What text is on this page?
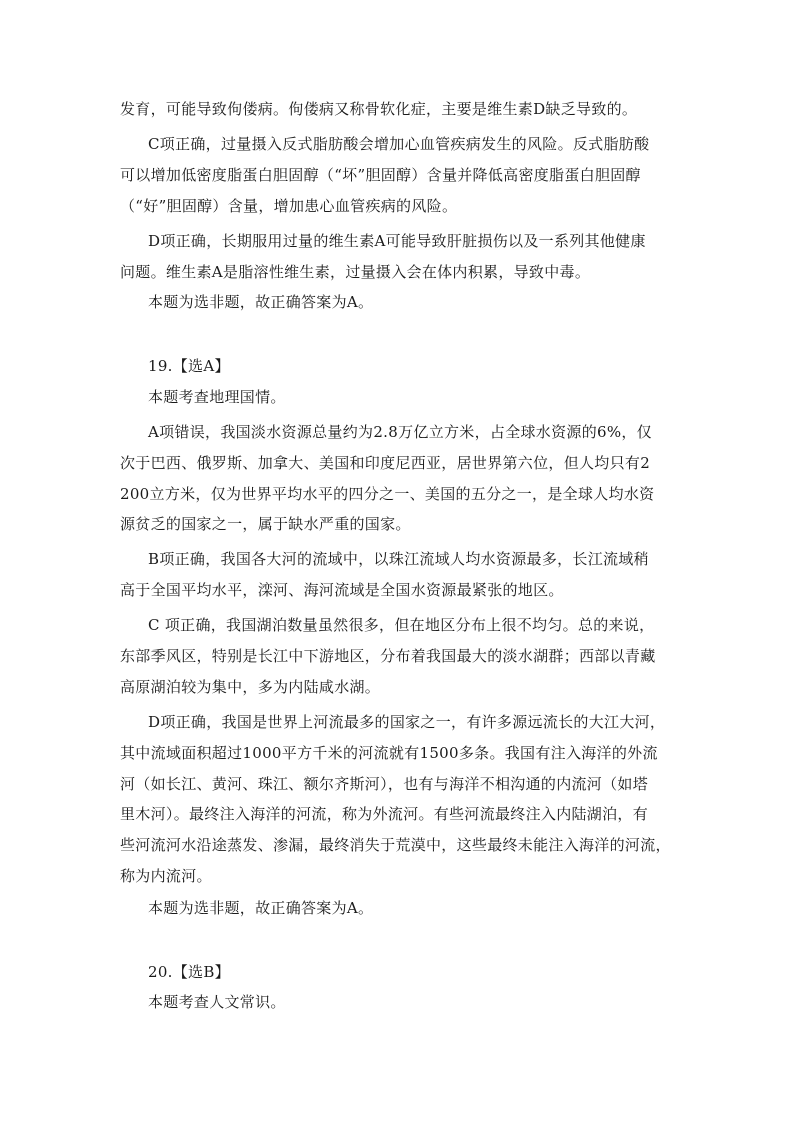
发育，可能导致佝偻病。佝偻病又称骨软化症，主要是维生素D缺乏导致的。
C项正确，过量摄入反式脂肪酸会增加心血管疾病发生的风险。反式脂肪酸
可以增加低密度脂蛋白胆固醇（“坏”胆固醇）含量并降低高密度脂蛋白胆固醇
（“好”胆固醇）含量，增加患心血管疾病的风险。
D项正确，长期服用过量的维生素A可能导致肝脏损伤以及一系列其他健康
问题。维生素A是脂溶性维生素，过量摄入会在体内积累，导致中毒。
本题为选非题，故正确答案为A。
19.【选A】
本题考查地理国情。
A项错误，我国淡水资源总量约为2.8万亿立方米，占全球水资源的6%，仅
次于巴西、俄罗斯、加拿大、美国和印度尼西亚，居世界第六位，但人均只有2
200立方米，仅为世界平均水平的四分之一、美国的五分之一，是全球人均水资
源贫乏的国家之一，属于缺水严重的国家。
B项正确，我国各大河的流域中，以珠江流域人均水资源最多，长江流域稍
高于全国平均水平，滦河、海河流域是全国水资源最紧张的地区。
C 项正确，我国湖泊数量虽然很多，但在地区分布上很不均匀。总的来说，
东部季风区，特别是长江中下游地区，分布着我国最大的淡水湖群；西部以青藏
高原湖泊较为集中，多为内陆咸水湖。
D项正确，我国是世界上河流最多的国家之一，有许多源远流长的大江大河，
其中流域面积超过1000平方千米的河流就有1500多条。我国有注入海洋的外流
河（如长江、黄河、珠江、额尔齐斯河），也有与海洋不相沟通的内流河（如塔
里木河）。最终注入海洋的河流，称为外流河。有些河流最终注入内陆湖泊，有
些河流河水沿途蒸发、渗漏，最终消失于荒漠中，这些最终未能注入海洋的河流，
称为内流河。
本题为选非题，故正确答案为A。
20.【选B】
本题考查人文常识。
